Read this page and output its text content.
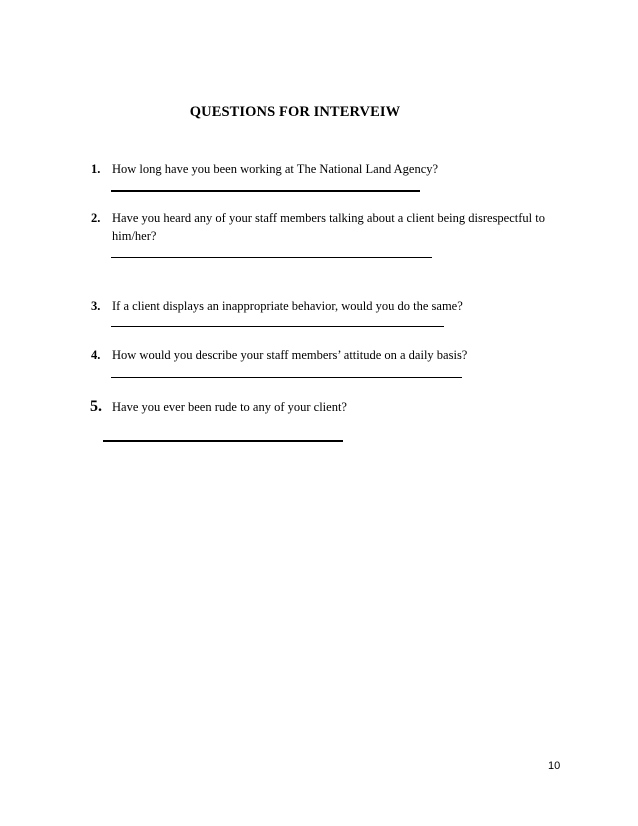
QUESTIONS FOR INTERVEIW
1. How long have you been working at The National Land Agency?
2. Have you heard any of your staff members talking about a client being disrespectful to him/her?
3. If a client displays an inappropriate behavior, would you do the same?
4. How would you describe your staff members’ attitude on a daily basis?
5. Have you ever been rude to any of your client?
10
